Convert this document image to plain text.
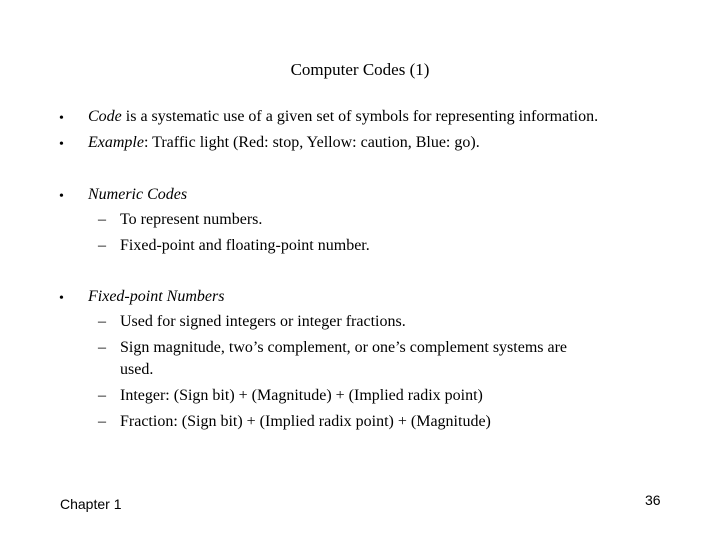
Computer Codes (1)
• Code is a systematic use of a given set of symbols for representing information.
• Example: Traffic light (Red: stop, Yellow: caution, Blue: go).
• Numeric Codes
– To represent numbers.
– Fixed-point and floating-point number.
• Fixed-point Numbers
– Used for signed integers or integer fractions.
– Sign magnitude, two’s complement, or one’s complement systems are
used.
– Integer: (Sign bit) + (Magnitude) + (Implied radix point)
– Fraction: (Sign bit) + (Implied radix point) + (Magnitude)
Chapter 1	36
